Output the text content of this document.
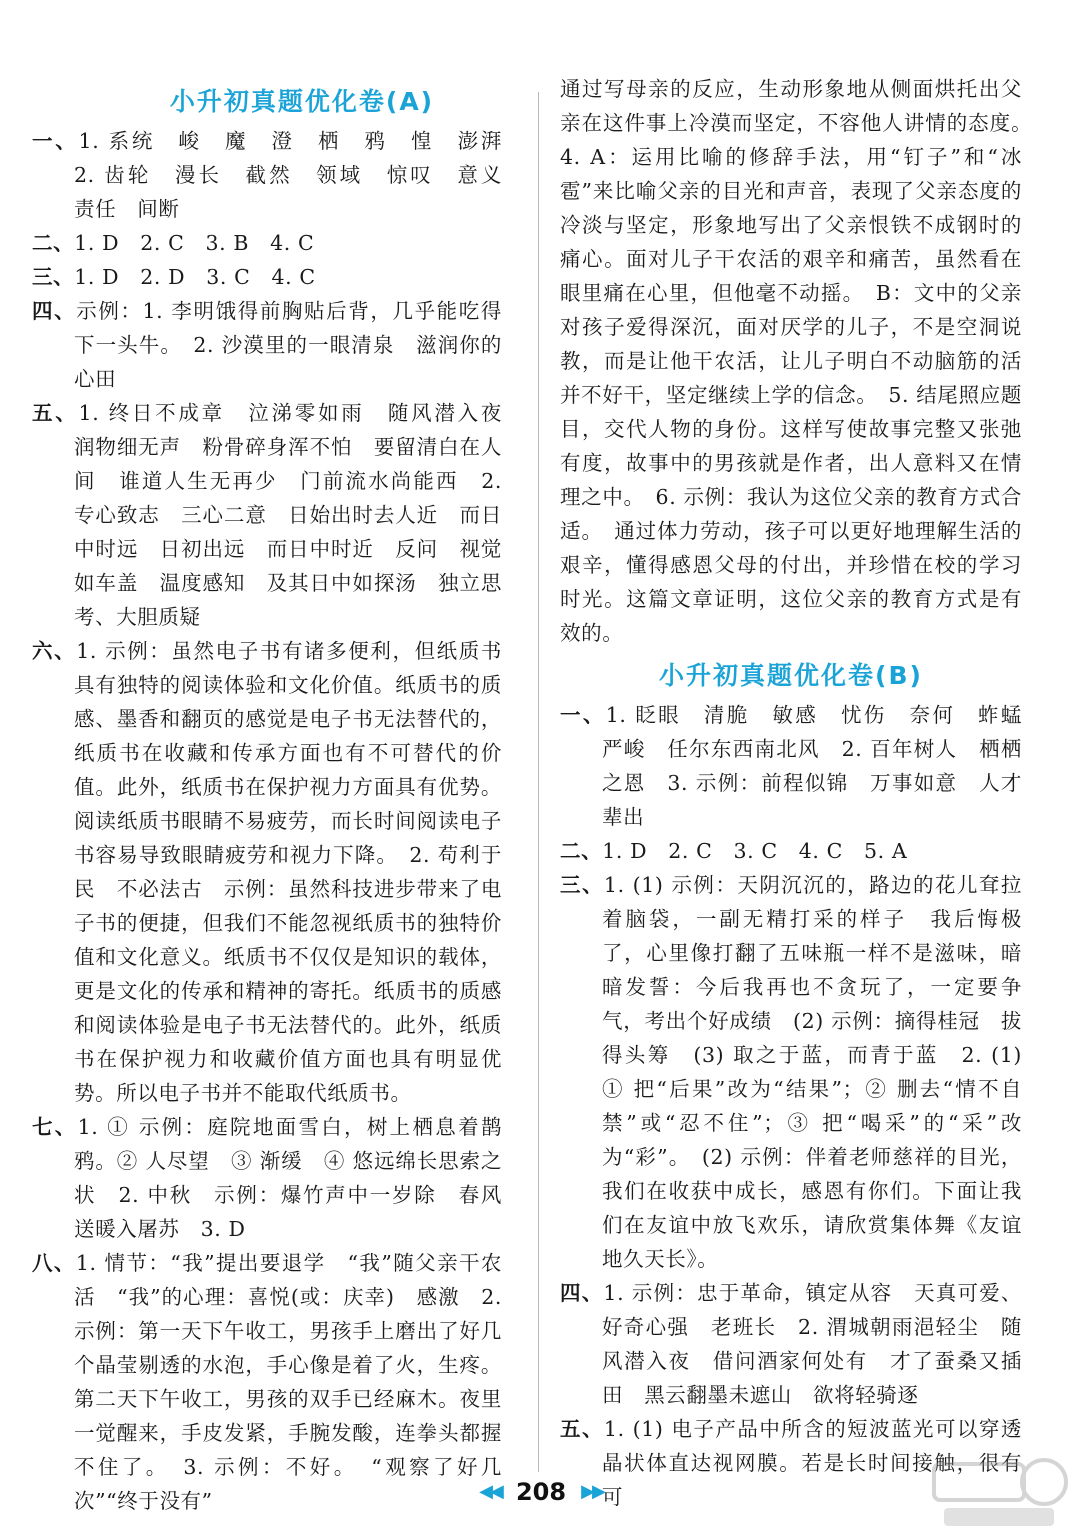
小升初真题优化卷(A)
一、1. 系统　峻　魔　澄　栖　鸦　惶　澎湃　2. 齿轮　漫长　截然　领域　惊叹　意义　责任　间断
二、1. D　2. C　3. B　4. C
三、1. D　2. D　3. C　4. C
四、示例：1. 李明饿得前胸贴后背，几乎能吃得下一头牛。　2. 沙漠里的一眼清泉　滋润你的心田
五、1. 终日不成章　泣涕零如雨　随风潜入夜　润物细无声　粉骨碎身浑不怕　要留清白在人间　谁道人生无再少　门前流水尚能西　2. 专心致志　三心二意　日始出时去人近　而日中时远　日初出远　而日中时近　反问　视觉　如车盖　温度感知　及其日中如探汤　独立思考、大胆质疑
六、1. 示例：虽然电子书有诸多便利，但纸质书具有独特的阅读体验和文化价值。纸质书的质感、墨香和翻页的感觉是电子书无法替代的，纸质书在收藏和传承方面也有不可替代的价值。此外，纸质书在保护视力方面具有优势。阅读纸质书眼睛不易疲劳，而长时间阅读电子书容易导致眼睛疲劳和视力下降。　2. 苟利于民　不必法古　示例：虽然科技进步带来了电子书的便捷，但我们不能忽视纸质书的独特价值和文化意义。纸质书不仅仅是知识的载体，更是文化的传承和精神的寄托。纸质书的质感和阅读体验是电子书无法替代的。此外，纸质书在保护视力和收藏价值方面也具有明显优势。所以电子书并不能取代纸质书。
七、1. ① 示例：庭院地面雪白，树上栖息着鹊鸦。② 人尽望　③ 渐缓　④ 悠远绵长思索之状　2. 中秋　示例：爆竹声中一岁除　春风送暖入屠苏　3. D
八、1. 情节：“我”提出要退学　“我”随父亲干农活　“我”的心理：喜悦(或：庆幸)　感激　2. 示例：第一天下午收工，男孩手上磨出了好几个晶莹剔透的水泡，手心像是着了火，生疼。第二天下午收工，男孩的双手已经麻木。夜里一觉醒来，手皮发紧，手腕发酸，连拳头都握不住了。　3. 示例：不好。　“观察了好几次”“终于没有”
通过写母亲的反应，生动形象地从侧面烘托出父亲在这件事上冷漠而坚定，不容他人讲情的态度。　4. A：运用比喻的修辞手法，用“钉子”和“冰雹”来比喻父亲的目光和声音，表现了父亲态度的冷淡与坚定，形象地写出了父亲恨铁不成钢时的痛心。面对儿子干农活的艰辛和痛苦，虽然看在眼里痛在心里，但他毫不动摇。　B：文中的父亲对孩子爱得深沉，面对厌学的儿子，不是空洞说教，而是让他干农活，让儿子明白不动脑筋的活并不好干，坚定继续上学的信念。　5. 结尾照应题目，交代人物的身份。这样写使故事完整又张弛有度，故事中的男孩就是作者，出人意料又在情理之中。　6. 示例：我认为这位父亲的教育方式合适。　通过体力劳动，孩子可以更好地理解生活的艰辛，懂得感恩父母的付出，并珍惜在校的学习时光。这篇文章证明，这位父亲的教育方式是有效的。
小升初真题优化卷(B)
一、1. 眨眼　清脆　敏感　忧伤　奈何　蚱蜢　严峻　任尔东西南北风　2. 百年树人　栖栖之恩　3. 示例：前程似锦　万事如意　人才辈出
二、1. D　2. C　3. C　4. C　5. A
三、1. (1) 示例：天阴沉沉的，路边的花儿耷拉着脑袋，一副无精打采的样子　我后悔极了，心里像打翻了五味瓶一样不是滋味，暗暗发誓：今后我再也不贪玩了，一定要争气，考出个好成绩　(2) 示例：摘得桂冠　拔得头筹　(3) 取之于蓝，而青于蓝　2. (1) ① 把“后果”改为“结果”；② 删去“情不自禁”或“忍不住”；③ 把“喝采”的“采”改为“彩”。　(2) 示例：伴着老师慈祥的目光，我们在收获中成长，感恩有你们。下面让我们在友谊中放飞欢乐，请欣赏集体舞《友谊地久天长》。
四、1. 示例：忠于革命，镇定从容　天真可爱、好奇心强　老班长　2. 渭城朝雨浥轻尘　随风潜入夜　借问酒家何处有　才了蚕桑又插田　黑云翻墨未遮山　欲将轻骑逐
五、1. (1) 电子产品中所含的短波蓝光可以穿透晶状体直达视网膜。若是长时间接触，很有可
◀◀ 208 ▶▶
